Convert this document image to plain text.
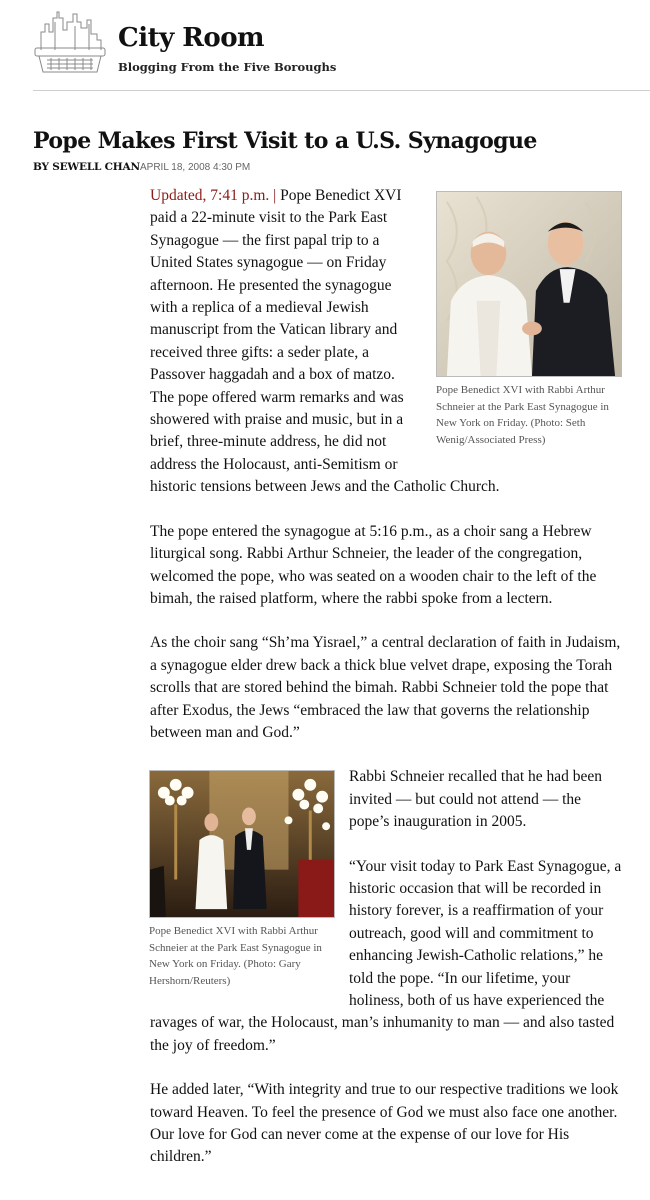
City Room
Blogging From the Five Boroughs
Pope Makes First Visit to a U.S. Synagogue
BY SEWELL CHAN APRIL 18, 2008 4:30 PM
Pope Benedict XVI with Rabbi Arthur Schneier at the Park East Synagogue in New York on Friday. (Photo: Seth Wenig/Associated Press)

Updated, 7:41 p.m. | Pope Benedict XVI paid a 22-minute visit to the Park East Synagogue — the first papal trip to a United States synagogue — on Friday afternoon. He presented the synagogue with a replica of a medieval Jewish manuscript from the Vatican library and received three gifts: a seder plate, a Passover haggadah and a box of matzo. The pope offered warm remarks and was showered with praise and music, but in a brief, three-minute address, he did not address the Holocaust, anti-Semitism or historic tensions between Jews and the Catholic Church.

The pope entered the synagogue at 5:16 p.m., as a choir sang a Hebrew liturgical song. Rabbi Arthur Schneier, the leader of the congregation, welcomed the pope, who was seated on a wooden chair to the left of the bimah, the raised platform, where the rabbi spoke from a lectern.

As the choir sang “Sh’ma Yisrael,” a central declaration of faith in Judaism, a synagogue elder drew back a thick blue velvet drape, exposing the Torah scrolls that are stored behind the bimah. Rabbi Schneier told the pope that after Exodus, the Jews “embraced the law that governs the relationship between man and God.”

Pope Benedict XVI with Rabbi Arthur Schneier at the Park East Synagogue in New York on Friday. (Photo: Gary Hershorn/Reuters)

Rabbi Schneier recalled that he had been invited — but could not attend — the pope’s inauguration in 2005.

“Your visit today to Park East Synagogue, a historic occasion that will be recorded in history forever, is a reaffirmation of your outreach, good will and commitment to enhancing Jewish-Catholic relations,” he told the pope. “In our lifetime, your holiness, both of us have experienced the ravages of war, the Holocaust, man’s inhumanity to man — and also tasted the joy of freedom.”

He added later, “With integrity and true to our respective traditions we look toward Heaven. To feel the presence of God we must also face one another. Our love for God can never come at the expense of our love for His children.”
